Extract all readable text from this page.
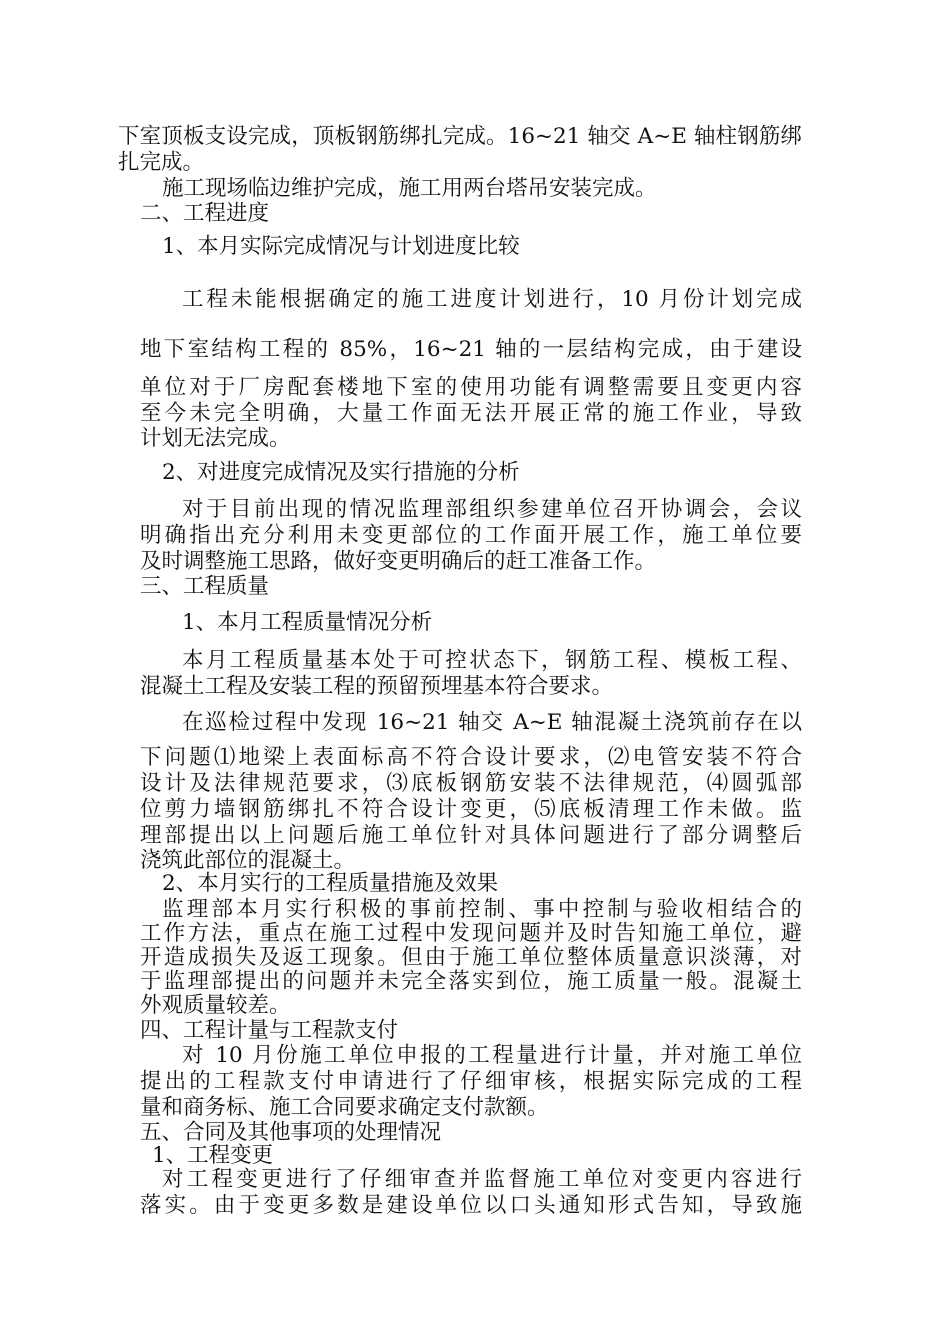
下室顶板支设完成，顶板钢筋绑扎完成。16~21 轴交 A~E 轴柱钢筋绑

扎完成。

施工现场临边维护完成，施工用两台塔吊安装完成。

二、工程进度

1、本月实际完成情况与计划进度比较

工程未能根据确定的施工进度计划进行，10 月份计划完成

地下室结构工程的 85%，16~21 轴的一层结构完成，由于建设

单位对于厂房配套楼地下室的使用功能有调整需要且变更内容

至今未完全明确，大量工作面无法开展正常的施工作业，导致

计划无法完成。

2、对进度完成情况及实行措施的分析

对于目前出现的情况监理部组织参建单位召开协调会，会议

明确指出充分利用未变更部位的工作面开展工作，施工单位要

及时调整施工思路，做好变更明确后的赶工准备工作。

三、工程质量

1、本月工程质量情况分析

本月工程质量基本处于可控状态下，钢筋工程、模板工程、

混凝土工程及安装工程的预留预埋基本符合要求。

在巡检过程中发现 16~21 轴交 A~E 轴混凝土浇筑前存在以

下问题⑴地梁上表面标高不符合设计要求，⑵电管安装不符合

设计及法律规范要求，⑶底板钢筋安装不法律规范，⑷圆弧部

位剪力墙钢筋绑扎不符合设计变更，⑸底板清理工作未做。监

理部提出以上问题后施工单位针对具体问题进行了部分调整后

浇筑此部位的混凝土。

2、本月实行的工程质量措施及效果

监理部本月实行积极的事前控制、事中控制与验收相结合的

工作方法，重点在施工过程中发现问题并及时告知施工单位，避

开造成损失及返工现象。但由于施工单位整体质量意识淡薄，对

于监理部提出的问题并未完全落实到位，施工质量一般。混凝土

外观质量较差。

四、工程计量与工程款支付

对 10 月份施工单位申报的工程量进行计量，并对施工单位

提出的工程款支付申请进行了仔细审核，根据实际完成的工程

量和商务标、施工合同要求确定支付款额。

五、合同及其他事项的处理情况

1、工程变更

对工程变更进行了仔细审查并监督施工单位对变更内容进行

落实。由于变更多数是建设单位以口头通知形式告知，导致施
